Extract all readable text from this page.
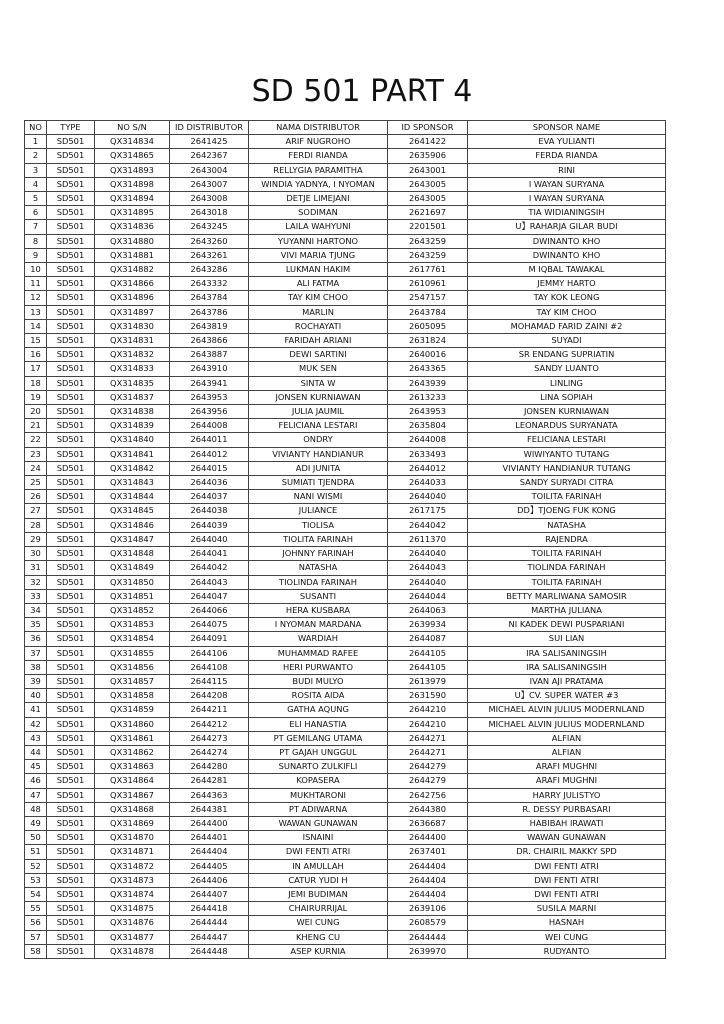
SD 501 PART 4
NO	TYPE	NO S/N	ID DISTRIBUTOR	NAMA DISTRIBUTOR	ID SPONSOR	SPONSOR NAME
1	SD501	QX314834	2641425	ARIF NUGROHO	2641422	EVA YULIANTI
2	SD501	QX314865	2642367	FERDI RIANDA	2635906	FERDA RIANDA
3	SD501	QX314893	2643004	RELLYGIA PARAMITHA	2643001	RINI
4	SD501	QX314898	2643007	WINDIA YADNYA, I NYOMAN	2643005	I WAYAN SURYANA
5	SD501	QX314894	2643008	DETJE LIMEJANI	2643005	I WAYAN SURYANA
6	SD501	QX314895	2643018	SODIMAN	2621697	TIA WIDIANINGSIH
7	SD501	QX314836	2643245	LAILA WAHYUNI	2201501	U】RAHARJA GILAR BUDI
8	SD501	QX314880	2643260	YUYANNI HARTONO	2643259	DWINANTO KHO
9	SD501	QX314881	2643261	VIVI MARIA TJUNG	2643259	DWINANTO KHO
10	SD501	QX314882	2643286	LUKMAN HAKIM	2617761	M IQBAL TAWAKAL
11	SD501	QX314866	2643332	ALI FATMA	2610961	JEMMY HARTO
12	SD501	QX314896	2643784	TAY KIM CHOO	2547157	TAY KOK LEONG
13	SD501	QX314897	2643786	MARLIN	2643784	TAY KIM CHOO
14	SD501	QX314830	2643819	ROCHAYATI	2605095	MOHAMAD FARID ZAINI #2
15	SD501	QX314831	2643866	FARIDAH ARIANI	2631824	SUYADI
16	SD501	QX314832	2643887	DEWI SARTINI	2640016	SR ENDANG SUPRIATIN
17	SD501	QX314833	2643910	MUK SEN	2643365	SANDY LUANTO
18	SD501	QX314835	2643941	SINTA W	2643939	LINLING
19	SD501	QX314837	2643953	JONSEN KURNIAWAN	2613233	LINA SOPIAH
20	SD501	QX314838	2643956	JULIA JAUMIL	2643953	JONSEN KURNIAWAN
21	SD501	QX314839	2644008	FELICIANA LESTARI	2635804	LEONARDUS SURYANATA
22	SD501	QX314840	2644011	ONDRY	2644008	FELICIANA LESTARI
23	SD501	QX314841	2644012	VIVIANTY HANDIANUR	2633493	WIWIYANTO TUTANG
24	SD501	QX314842	2644015	ADI JUNITA	2644012	VIVIANTY HANDIANUR TUTANG
25	SD501	QX314843	2644036	SUMIATI TJENDRA	2644033	SANDY SURYADI CITRA
26	SD501	QX314844	2644037	NANI WISMI	2644040	TOILITA FARINAH
27	SD501	QX314845	2644038	JULIANCE	2617175	DD】TJOENG FUK KONG
28	SD501	QX314846	2644039	TIOLISA	2644042	NATASHA
29	SD501	QX314847	2644040	TIOLITA FARINAH	2611370	RAJENDRA
30	SD501	QX314848	2644041	JOHNNY FARINAH	2644040	TOILITA FARINAH
31	SD501	QX314849	2644042	NATASHA	2644043	TIOLINDA FARINAH
32	SD501	QX314850	2644043	TIOLINDA FARINAH	2644040	TOILITA FARINAH
33	SD501	QX314851	2644047	SUSANTI	2644044	BETTY MARLIWANA SAMOSIR
34	SD501	QX314852	2644066	HERA KUSBARA	2644063	MARTHA JULIANA
35	SD501	QX314853	2644075	I NYOMAN MARDANA	2639934	NI KADEK DEWI PUSPARIANI
36	SD501	QX314854	2644091	WARDIAH	2644087	SUI LIAN
37	SD501	QX314855	2644106	MUHAMMAD RAFEE	2644105	IRA SALISANINGSIH
38	SD501	QX314856	2644108	HERI PURWANTO	2644105	IRA SALISANINGSIH
39	SD501	QX314857	2644115	BUDI MULYO	2613979	IVAN AJI PRATAMA
40	SD501	QX314858	2644208	ROSITA AIDA	2631590	U】CV. SUPER WATER #3
41	SD501	QX314859	2644211	GATHA AQUNG	2644210	MICHAEL ALVIN JULIUS MODERNLAND
42	SD501	QX314860	2644212	ELI HANASTIA	2644210	MICHAEL ALVIN JULIUS MODERNLAND
43	SD501	QX314861	2644273	PT GEMILANG UTAMA	2644271	ALFIAN
44	SD501	QX314862	2644274	PT GAJAH UNGGUL	2644271	ALFIAN
45	SD501	QX314863	2644280	SUNARTO ZULKIFLI	2644279	ARAFI MUGHNI
46	SD501	QX314864	2644281	KOPASERA	2644279	ARAFI MUGHNI
47	SD501	QX314867	2644363	MUKHTARONI	2642756	HARRY JULISTYO
48	SD501	QX314868	2644381	PT ADIWARNA	2644380	R. DESSY PURBASARI
49	SD501	QX314869	2644400	WAWAN GUNAWAN	2636687	HABIBAH IRAWATI
50	SD501	QX314870	2644401	ISNAINI	2644400	WAWAN GUNAWAN
51	SD501	QX314871	2644404	DWI FENTI ATRI	2637401	DR. CHAIRIL MAKKY SPD
52	SD501	QX314872	2644405	IN AMULLAH	2644404	DWI FENTI ATRI
53	SD501	QX314873	2644406	CATUR YUDI H	2644404	DWI FENTI ATRI
54	SD501	QX314874	2644407	JEMI BUDIMAN	2644404	DWI FENTI ATRI
55	SD501	QX314875	2644418	CHAIRURRIJAL	2639106	SUSILA MARNI
56	SD501	QX314876	2644444	WEI CUNG	2608579	HASNAH
57	SD501	QX314877	2644447	KHENG CU	2644444	WEI CUNG
58	SD501	QX314878	2644448	ASEP KURNIA	2639970	RUDYANTO
